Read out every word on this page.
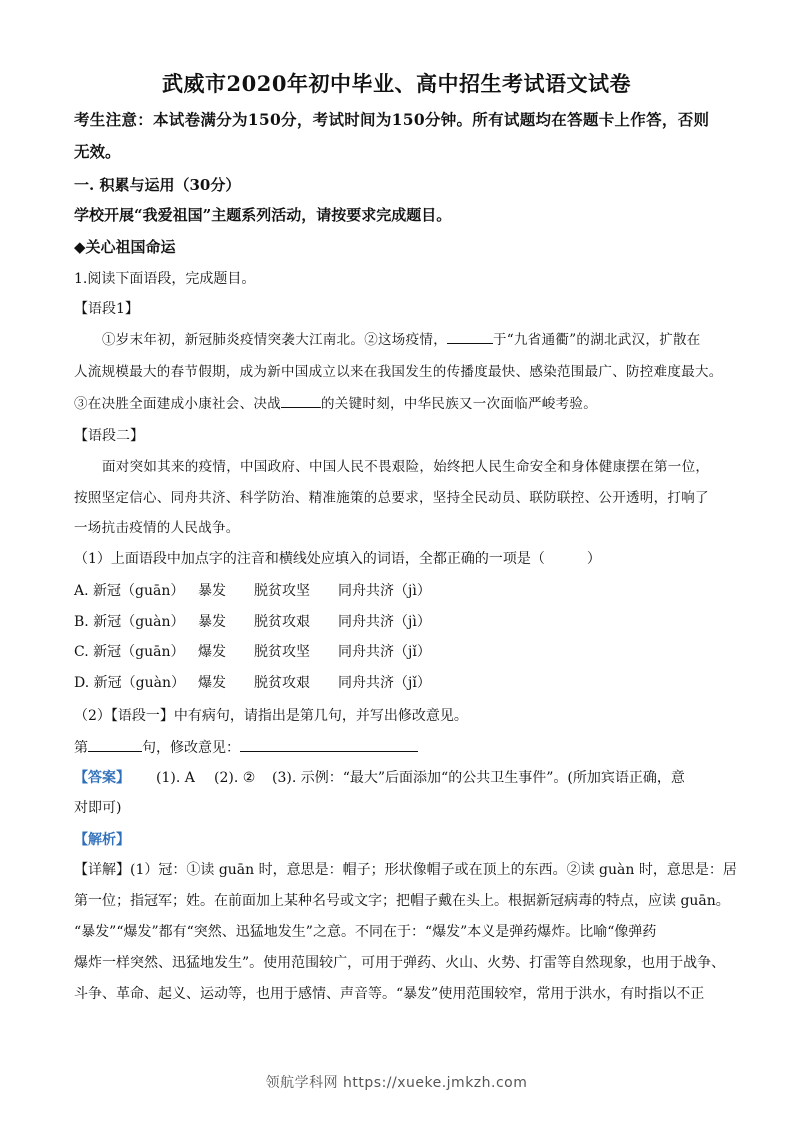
武威市2020年初中毕业、高中招生考试语文试卷
考生注意：本试卷满分为150分，考试时间为150分钟。所有试题均在答题卡上作答，否则
无效。
一. 积累与运用（30分）
学校开展“我爱祖国”主题系列活动，请按要求完成题目。
◆关心祖国命运
1.阅读下面语段，完成题目。
【语段1】
①岁末年初，新冠肺炎疫情突袭大江南北。②这场疫情，	于“九省通衢”的湖北武汉，扩散在
人流规模最大的春节假期，成为新中国成立以来在我国发生的传播度最快、感染范围最广、防控难度最大。
③在决胜全面建成小康社会、决战	的关键时刻，中华民族又一次面临严峻考验。
【语段二】
面对突如其来的疫情，中国政府、中国人民不畏艰险，始终把人民生命安全和身体健康摆在第一位，
按照坚定信心、同舟共济、科学防治、精准施策的总要求，坚持全民动员、联防联控、公开透明，打响了
一场抗击疫情的人民战争。
（1）上面语段中加点字的注音和横线处应填入的词语，全都正确的一项是（　　　）
A. 新冠（guān） 暴发 脱贫攻坚 同舟共济（jì）
B. 新冠（guàn） 暴发 脱贫攻艰 同舟共济（jì）
C. 新冠（guān） 爆发 脱贫攻坚 同舟共济（jǐ）
D. 新冠（guàn） 爆发 脱贫攻艰 同舟共济（jǐ）
（2）【语段一】中有病句，请指出是第几句，并写出修改意见。
第	句，修改意见：
【答案】 (1). A (2). ② (3). 示例：“最大”后面添加“的公共卫生事件”。(所加宾语正确，意
对即可)
【解析】
【详解】(1）冠：①读 guān 时，意思是：帽子；形状像帽子或在顶上的东西。②读 guàn 时，意思是：居
第一位；指冠军；姓。在前面加上某种名号或文字；把帽子戴在头上。根据新冠病毒的特点，应读 guān。
“暴发”“爆发”都有“突然、迅猛地发生”之意。不同在于：“爆发”本义是弹药爆炸。比喻“像弹药
爆炸一样突然、迅猛地发生”。使用范围较广，可用于弹药、火山、火势、打雷等自然现象，也用于战争、
斗争、革命、起义、运动等，也用于感情、声音等。“暴发”使用范围较窄，常用于洪水，有时指以不正
领航学科网 https://xueke.jmkzh.com
